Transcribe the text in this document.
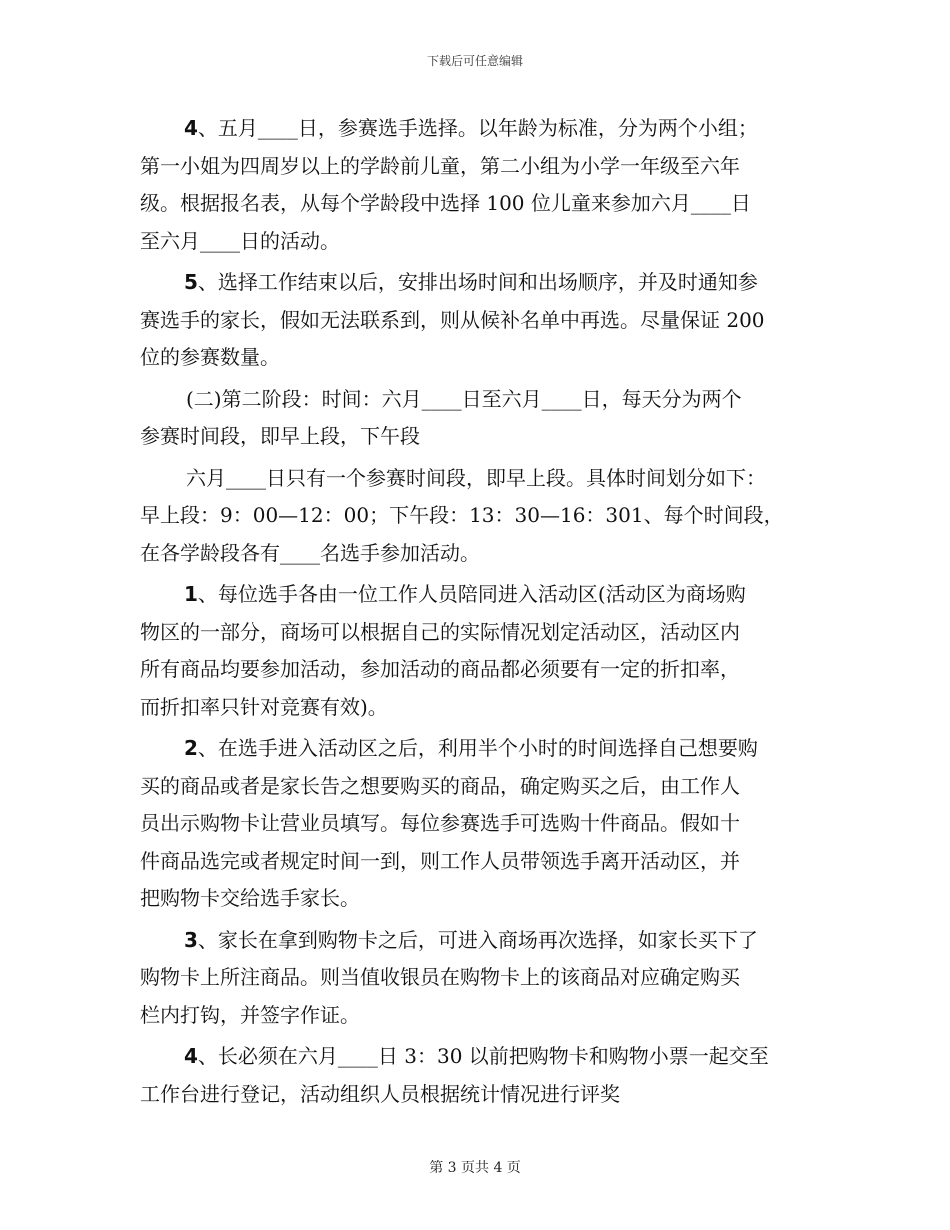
下载后可任意编辑
4、五月____日，参赛选手选择。以年龄为标准，分为两个小组；
第一小姐为四周岁以上的学龄前儿童，第二小组为小学一年级至六年
级。根据报名表，从每个学龄段中选择 100 位儿童来参加六月____日
至六月____日的活动。
5、选择工作结束以后，安排出场时间和出场顺序，并及时通知参
赛选手的家长，假如无法联系到，则从候补名单中再选。尽量保证 200
位的参赛数量。
(二)第二阶段：时间：六月____日至六月____日，每天分为两个
参赛时间段，即早上段，下午段
六月____日只有一个参赛时间段，即早上段。具体时间划分如下：
早上段：9：00—12：00；下午段：13：30—16：301、每个时间段，
在各学龄段各有____名选手参加活动。
1、每位选手各由一位工作人员陪同进入活动区(活动区为商场购
物区的一部分，商场可以根据自己的实际情况划定活动区，活动区内
所有商品均要参加活动，参加活动的商品都必须要有一定的折扣率，
而折扣率只针对竞赛有效)。
2、在选手进入活动区之后，利用半个小时的时间选择自己想要购
买的商品或者是家长告之想要购买的商品，确定购买之后，由工作人
员出示购物卡让营业员填写。每位参赛选手可选购十件商品。假如十
件商品选完或者规定时间一到，则工作人员带领选手离开活动区，并
把购物卡交给选手家长。
3、家长在拿到购物卡之后，可进入商场再次选择，如家长买下了
购物卡上所注商品。则当值收银员在购物卡上的该商品对应确定购买
栏内打钩，并签字作证。
4、长必须在六月____日 3：30 以前把购物卡和购物小票一起交至
工作台进行登记，活动组织人员根据统计情况进行评奖
第 3 页共 4 页
